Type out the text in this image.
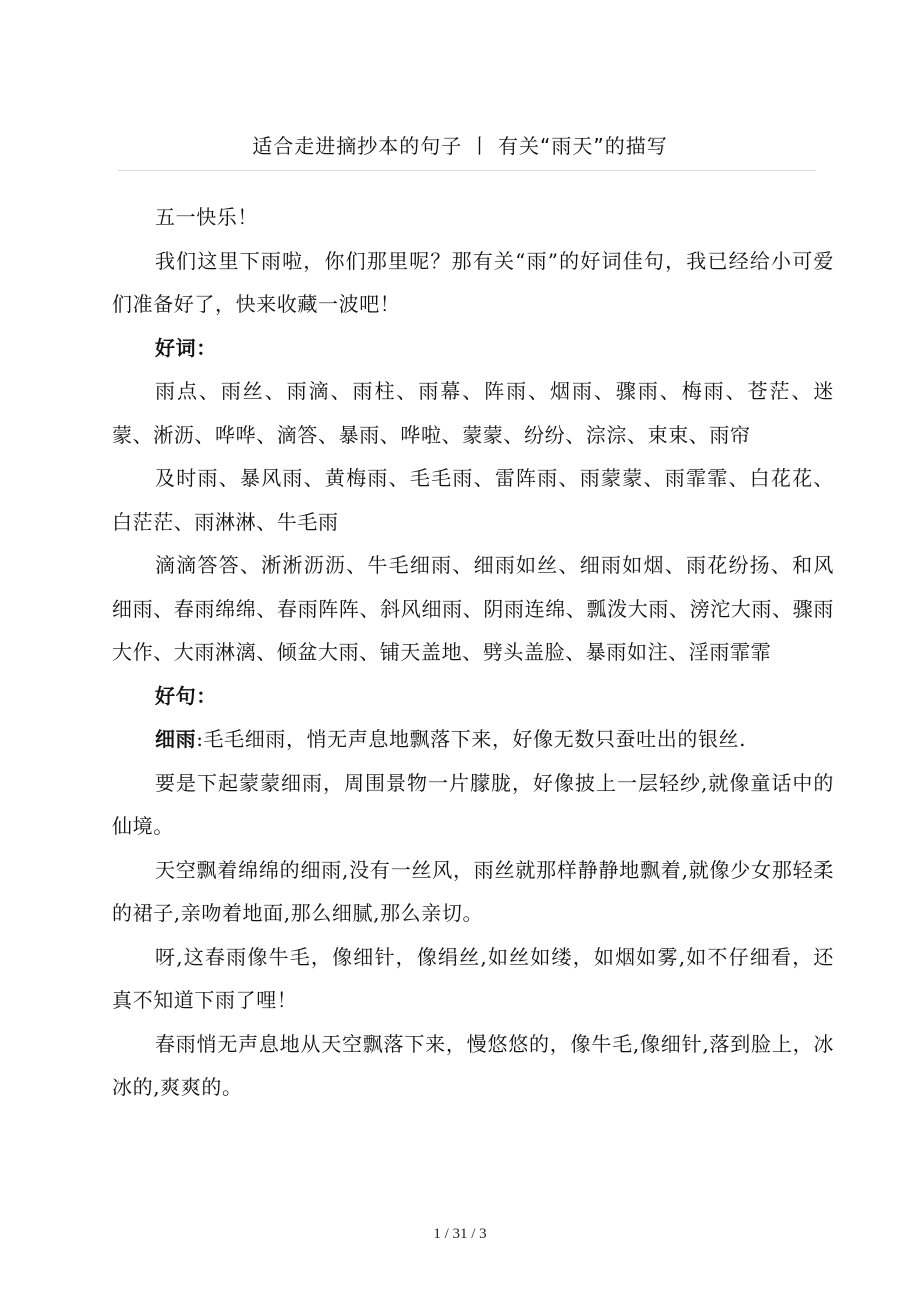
适合走进摘抄本的句子 丨 有关“雨天”的描写

五一快乐！

我们这里下雨啦，你们那里呢？那有关“雨”的好词佳句，我已经给小可爱们准备好了，快来收藏一波吧！

好词：

雨点、雨丝、雨滴、雨柱、雨幕、阵雨、烟雨、骤雨、梅雨、苍茫、迷蒙、淅沥、哗哗、滴答、暴雨、哗啦、蒙蒙、纷纷、淙淙、束束、雨帘

及时雨、暴风雨、黄梅雨、毛毛雨、雷阵雨、雨蒙蒙、雨霏霏、白花花、白茫茫、雨淋淋、牛毛雨

滴滴答答、淅淅沥沥、牛毛细雨、细雨如丝、细雨如烟、雨花纷扬、和风细雨、春雨绵绵、春雨阵阵、斜风细雨、阴雨连绵、瓢泼大雨、滂沱大雨、骤雨大作、大雨淋漓、倾盆大雨、铺天盖地、劈头盖脸、暴雨如注、淫雨霏霏

好句：

细雨:毛毛细雨，悄无声息地飘落下来，好像无数只蚕吐出的银丝.

要是下起蒙蒙细雨，周围景物一片朦胧，好像披上一层轻纱,就像童话中的仙境。

天空飘着绵绵的细雨,没有一丝风，雨丝就那样静静地飘着,就像少女那轻柔的裙子,亲吻着地面,那么细腻,那么亲切。

呀,这春雨像牛毛，像细针，像绢丝,如丝如缕，如烟如雾,如不仔细看，还真不知道下雨了哩！

春雨悄无声息地从天空飘落下来，慢悠悠的，像牛毛,像细针,落到脸上，冰冰的,爽爽的。

1 / 31 / 3
